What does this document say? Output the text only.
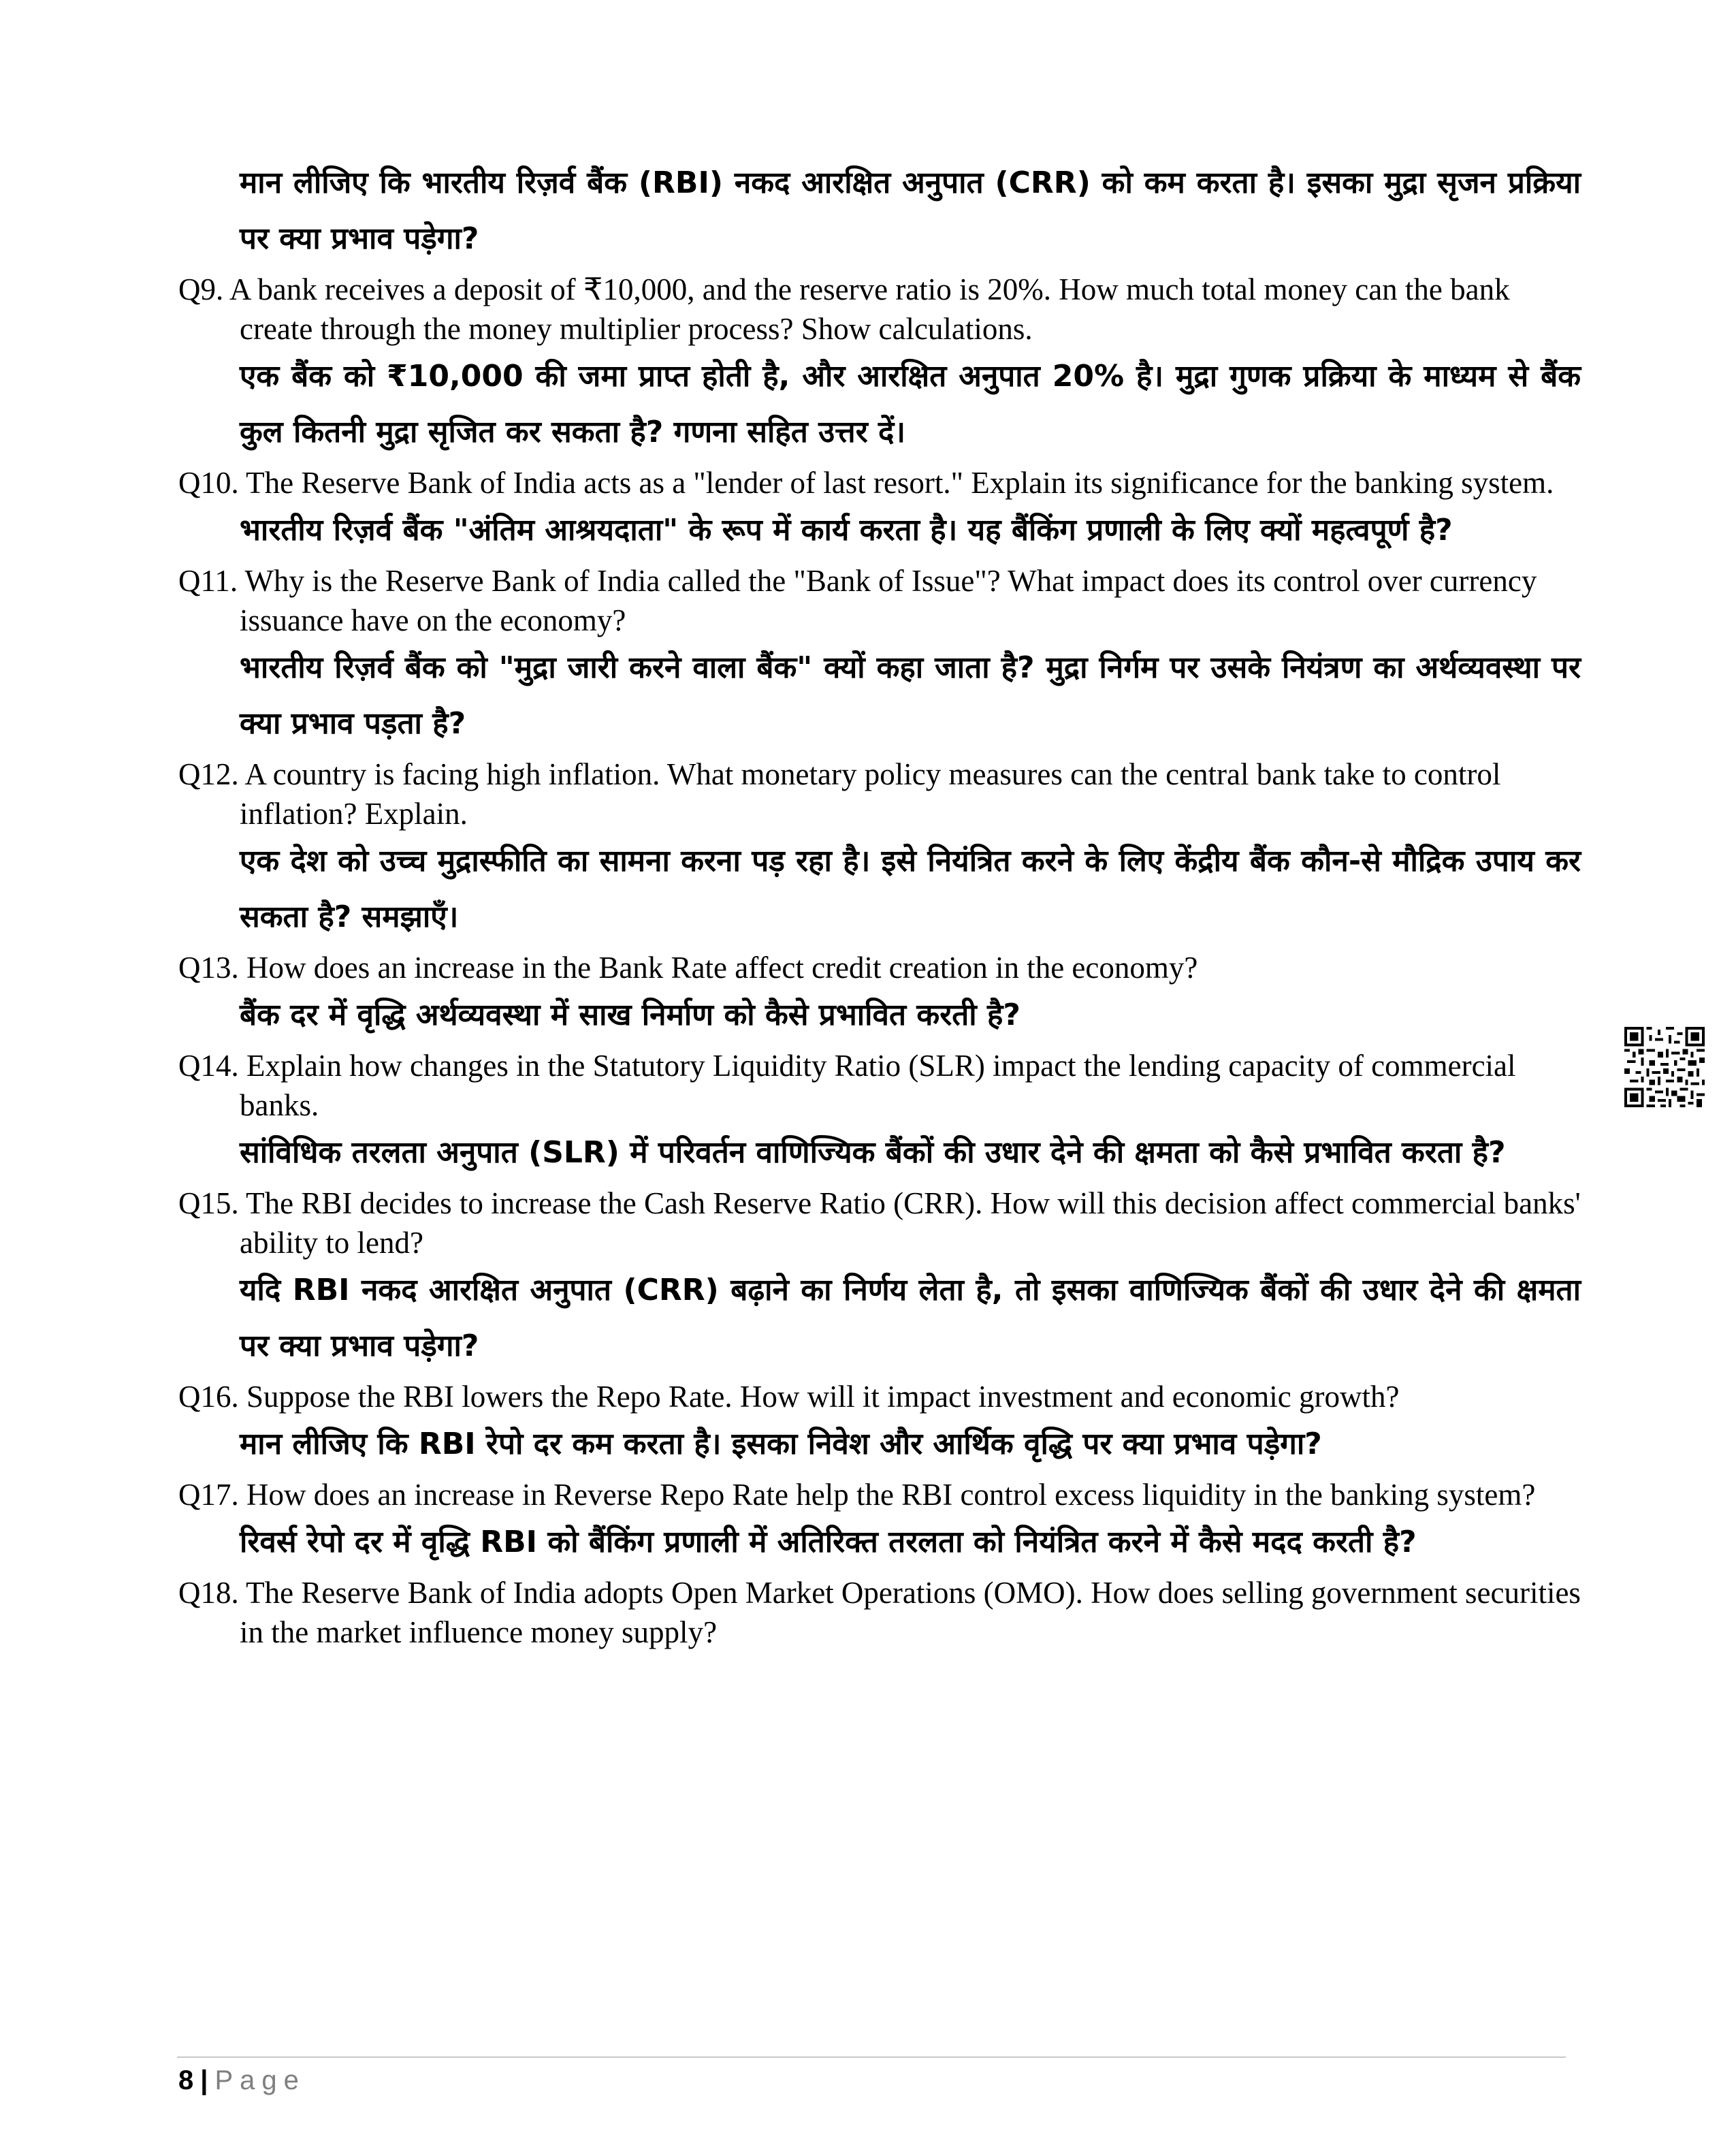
मान लीजिए कि भारतीय रिज़र्व बैंक (RBI) नकद आरक्षित अनुपात (CRR) को कम करता है। इसका मुद्रा सृजन प्रक्रिया पर क्या प्रभाव पड़ेगा?

Q9. A bank receives a deposit of ₹10,000, and the reserve ratio is 20%. How much total money can the bank create through the money multiplier process? Show calculations.

एक बैंक को ₹10,000 की जमा प्राप्त होती है, और आरक्षित अनुपात 20% है। मुद्रा गुणक प्रक्रिया के माध्यम से बैंक कुल कितनी मुद्रा सृजित कर सकता है? गणना सहित उत्तर दें।

Q10. The Reserve Bank of India acts as a "lender of last resort." Explain its significance for the banking system.

भारतीय रिज़र्व बैंक "अंतिम आश्रयदाता" के रूप में कार्य करता है। यह बैंकिंग प्रणाली के लिए क्यों महत्वपूर्ण है?

Q11. Why is the Reserve Bank of India called the "Bank of Issue"? What impact does its control over currency issuance have on the economy?

भारतीय रिज़र्व बैंक को "मुद्रा जारी करने वाला बैंक" क्यों कहा जाता है? मुद्रा निर्गम पर उसके नियंत्रण का अर्थव्यवस्था पर क्या प्रभाव पड़ता है?

Q12. A country is facing high inflation. What monetary policy measures can the central bank take to control inflation? Explain.

एक देश को उच्च मुद्रास्फीति का सामना करना पड़ रहा है। इसे नियंत्रित करने के लिए केंद्रीय बैंक कौन-से मौद्रिक उपाय कर सकता है? समझाएँ।

Q13. How does an increase in the Bank Rate affect credit creation in the economy?

बैंक दर में वृद्धि अर्थव्यवस्था में साख निर्माण को कैसे प्रभावित करती है?

Q14. Explain how changes in the Statutory Liquidity Ratio (SLR) impact the lending capacity of commercial banks.

सांविधिक तरलता अनुपात (SLR) में परिवर्तन वाणिज्यिक बैंकों की उधार देने की क्षमता को कैसे प्रभावित करता है?

Q15. The RBI decides to increase the Cash Reserve Ratio (CRR). How will this decision affect commercial banks' ability to lend?

यदि RBI नकद आरक्षित अनुपात (CRR) बढ़ाने का निर्णय लेता है, तो इसका वाणिज्यिक बैंकों की उधार देने की क्षमता पर क्या प्रभाव पड़ेगा?

Q16. Suppose the RBI lowers the Repo Rate. How will it impact investment and economic growth?

मान लीजिए कि RBI रेपो दर कम करता है। इसका निवेश और आर्थिक वृद्धि पर क्या प्रभाव पड़ेगा?

Q17. How does an increase in Reverse Repo Rate help the RBI control excess liquidity in the banking system?

रिवर्स रेपो दर में वृद्धि RBI को बैंकिंग प्रणाली में अतिरिक्त तरलता को नियंत्रित करने में कैसे मदद करती है?

Q18. The Reserve Bank of India adopts Open Market Operations (OMO). How does selling government securities in the market influence money supply?

8 | Page
